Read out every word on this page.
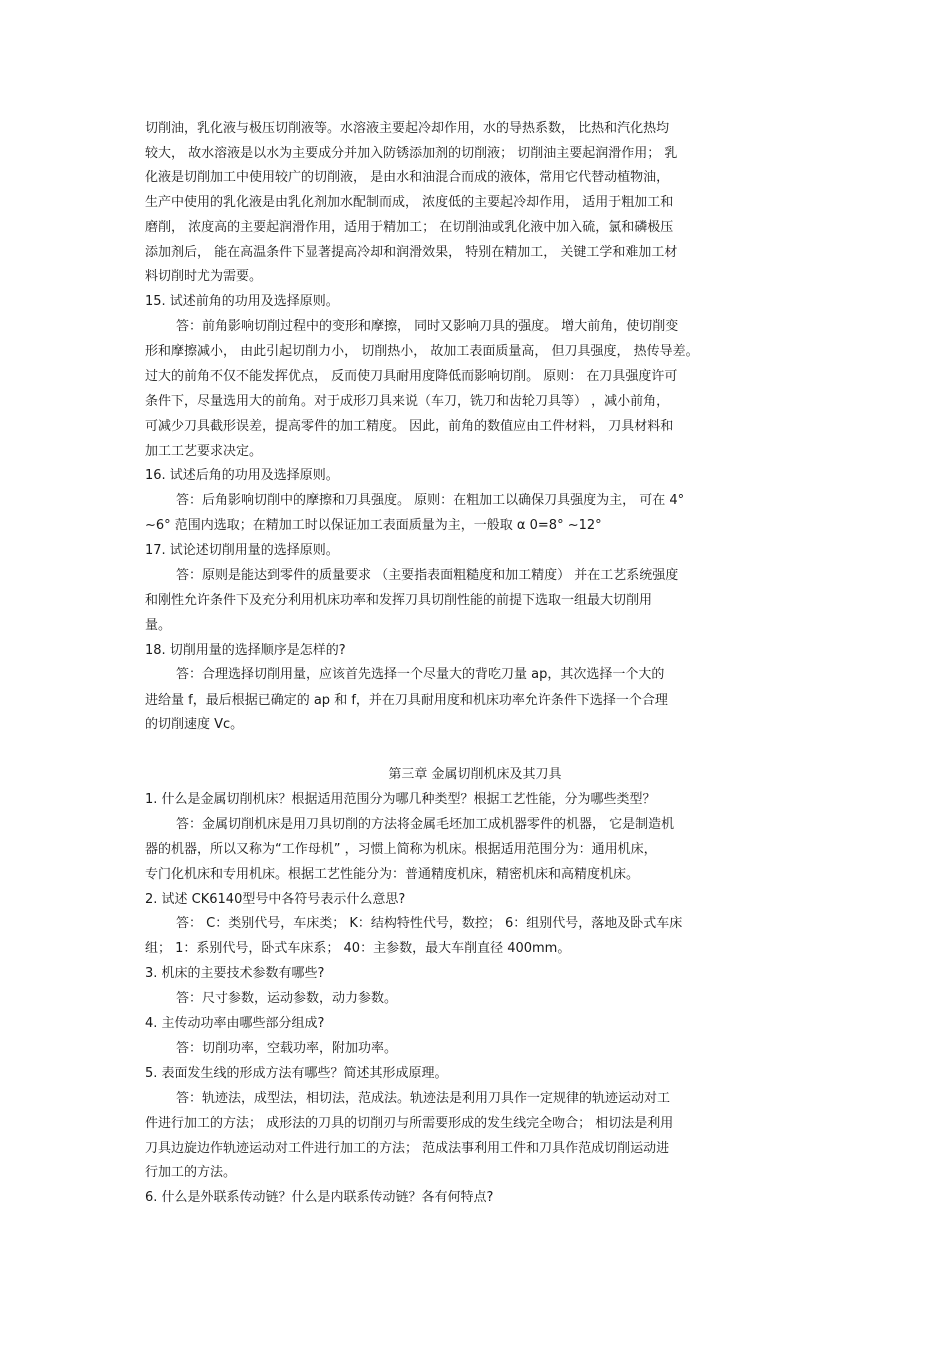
切削油，乳化液与极压切削液等。水溶液主要起冷却作用，水的导热系数， 比热和汽化热均
较大， 故水溶液是以水为主要成分并加入防锈添加剂的切削液； 切削油主要起润滑作用； 乳
化液是切削加工中使用较广的切削液， 是由水和油混合而成的液体，常用它代替动植物油，
生产中使用的乳化液是由乳化剂加水配制而成， 浓度低的主要起冷却作用， 适用于粗加工和
磨削， 浓度高的主要起润滑作用，适用于精加工； 在切削油或乳化液中加入硫，氯和磷极压
添加剂后， 能在高温条件下显著提高冷却和润滑效果， 特别在精加工， 关键工学和难加工材
料切削时尤为需要。
15. 试述前角的功用及选择原则。
答：前角影响切削过程中的变形和摩擦， 同时又影响刀具的强度。 增大前角，使切削变
形和摩擦减小， 由此引起切削力小， 切削热小， 故加工表面质量高， 但刀具强度， 热传导差。
过大的前角不仅不能发挥优点， 反而使刀具耐用度降低而影响切削。 原则： 在刀具强度许可
条件下，尽量选用大的前角。对于成形刀具来说（车刀，铣刀和齿轮刀具等） ，减小前角，
可减少刀具截形误差，提高零件的加工精度。 因此，前角的数值应由工件材料， 刀具材料和
加工工艺要求决定。
16. 试述后角的功用及选择原则。
答：后角影响切削中的摩擦和刀具强度。 原则：在粗加工以确保刀具强度为主， 可在 4°
~6° 范围内选取；在精加工时以保证加工表面质量为主，一般取 α 0=8° ~12°
17. 试论述切削用量的选择原则。
答：原则是能达到零件的质量要求 （主要指表面粗糙度和加工精度） 并在工艺系统强度
和刚性允许条件下及充分利用机床功率和发挥刀具切削性能的前提下选取一组最大切削用
量。
18. 切削用量的选择顺序是怎样的?
答：合理选择切削用量，应该首先选择一个尽量大的背吃刀量 ap，其次选择一个大的
进给量 f，最后根据已确定的 ap 和 f，并在刀具耐用度和机床功率允许条件下选择一个合理
的切削速度 Vc。
第三章 金属切削机床及其刀具
1. 什么是金属切削机床？根据适用范围分为哪几种类型？根据工艺性能，分为哪些类型？
答：金属切削机床是用刀具切削的方法将金属毛坯加工成机器零件的机器， 它是制造机
器的机器，所以又称为“工作母机” ，习惯上简称为机床。根据适用范围分为：通用机床，
专门化机床和专用机床。根据工艺性能分为：普通精度机床，精密机床和高精度机床。
2. 试述 CK6140型号中各符号表示什么意思?
答： C：类别代号，车床类； K：结构特性代号，数控； 6：组别代号，落地及卧式车床
组； 1：系别代号，卧式车床系； 40：主参数，最大车削直径 400mm。
3. 机床的主要技术参数有哪些?
答：尺寸参数，运动参数，动力参数。
4. 主传动功率由哪些部分组成?
答：切削功率，空载功率，附加功率。
5. 表面发生线的形成方法有哪些？简述其形成原理。
答：轨迹法，成型法，相切法，范成法。轨迹法是利用刀具作一定规律的轨迹运动对工
件进行加工的方法； 成形法的刀具的切削刃与所需要形成的发生线完全吻合； 相切法是利用
刀具边旋边作轨迹运动对工件进行加工的方法； 范成法事利用工件和刀具作范成切削运动进
行加工的方法。
6. 什么是外联系传动链？什么是内联系传动链？各有何特点?
